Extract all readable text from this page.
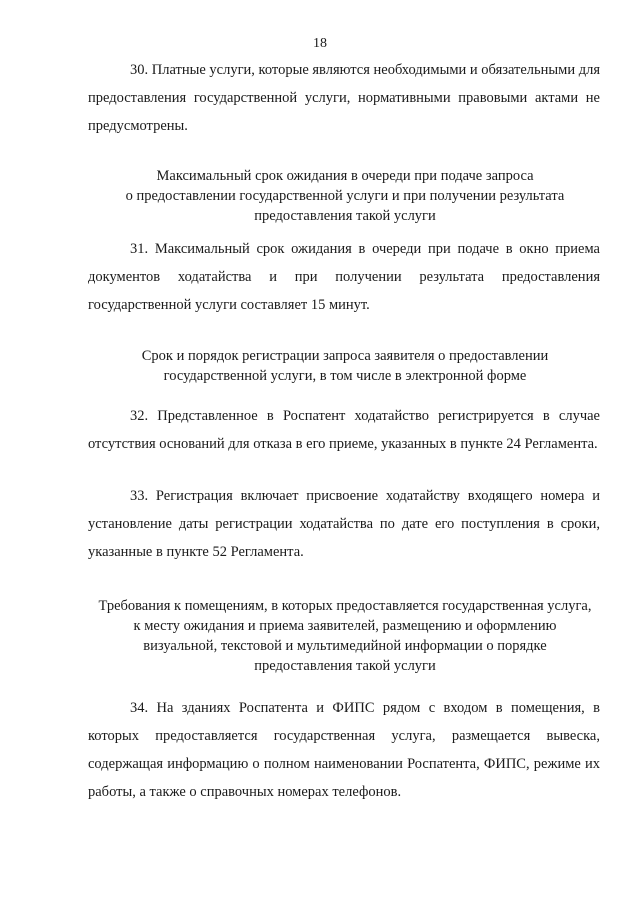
18

30. Платные услуги, которые являются необходимыми и обязательными для предоставления государственной услуги, нормативными правовыми актами не предусмотрены.

Максимальный срок ожидания в очереди при подаче запроса
о предоставлении государственной услуги и при получении результата
предоставления такой услуги

31. Максимальный срок ожидания в очереди при подаче в окно приема документов ходатайства и при получении результата предоставления государственной услуги составляет 15 минут.

Срок и порядок регистрации запроса заявителя о предоставлении
государственной услуги, в том числе в электронной форме

32. Представленное в Роспатент ходатайство регистрируется в случае отсутствия оснований для отказа в его приеме, указанных в пункте 24 Регламента.

33. Регистрация включает присвоение ходатайству входящего номера и установление даты регистрации ходатайства по дате его поступления в сроки, указанные в пункте 52 Регламента.

Требования к помещениям, в которых предоставляется государственная услуга,
к месту ожидания и приема заявителей, размещению и оформлению
визуальной, текстовой и мультимедийной информации о порядке
предоставления такой услуги

34. На зданиях Роспатента и ФИПС рядом с входом в помещения, в которых предоставляется государственная услуга, размещается вывеска, содержащая информацию о полном наименовании Роспатента, ФИПС, режиме их работы, а также о справочных номерах телефонов.
